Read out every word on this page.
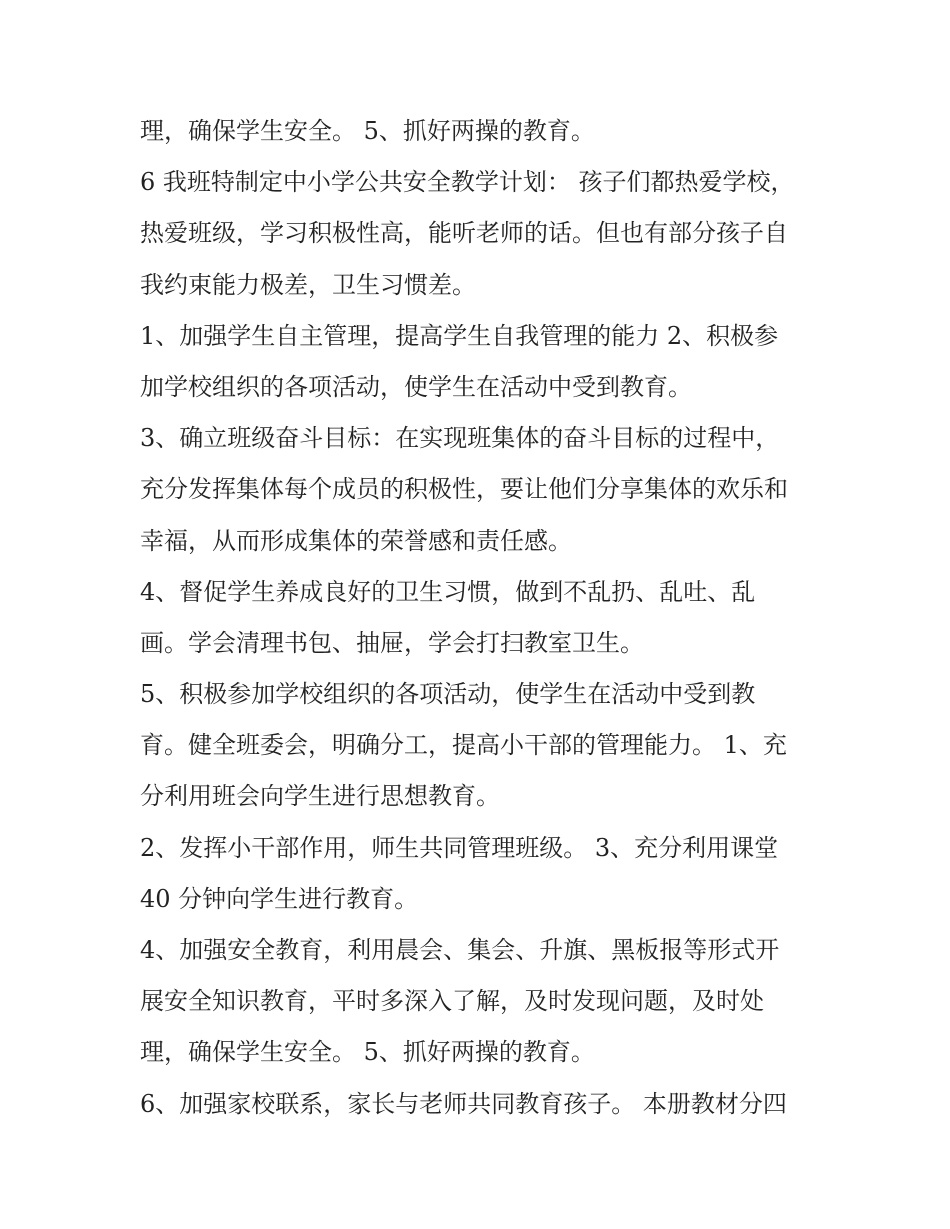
理，确保学生安全。 5、抓好两操的教育。
6 我班特制定中小学公共安全教学计划： 孩子们都热爱学校，
热爱班级，学习积极性高，能听老师的话。但也有部分孩子自
我约束能力极差，卫生习惯差。
1、加强学生自主管理，提高学生自我管理的能力 2、积极参
加学校组织的各项活动，使学生在活动中受到教育。
3、确立班级奋斗目标：在实现班集体的奋斗目标的过程中，
充分发挥集体每个成员的积极性，要让他们分享集体的欢乐和
幸福，从而形成集体的荣誉感和责任感。
4、督促学生养成良好的卫生习惯，做到不乱扔、乱吐、乱
画。学会清理书包、抽屉，学会打扫教室卫生。
5、积极参加学校组织的各项活动，使学生在活动中受到教
育。健全班委会，明确分工，提高小干部的管理能力。 1、充
分利用班会向学生进行思想教育。
2、发挥小干部作用，师生共同管理班级。 3、充分利用课堂
40 分钟向学生进行教育。
4、加强安全教育，利用晨会、集会、升旗、黑板报等形式开
展安全知识教育，平时多深入了解，及时发现问题，及时处
理，确保学生安全。 5、抓好两操的教育。
6、加强家校联系，家长与老师共同教育孩子。 本册教材分四
